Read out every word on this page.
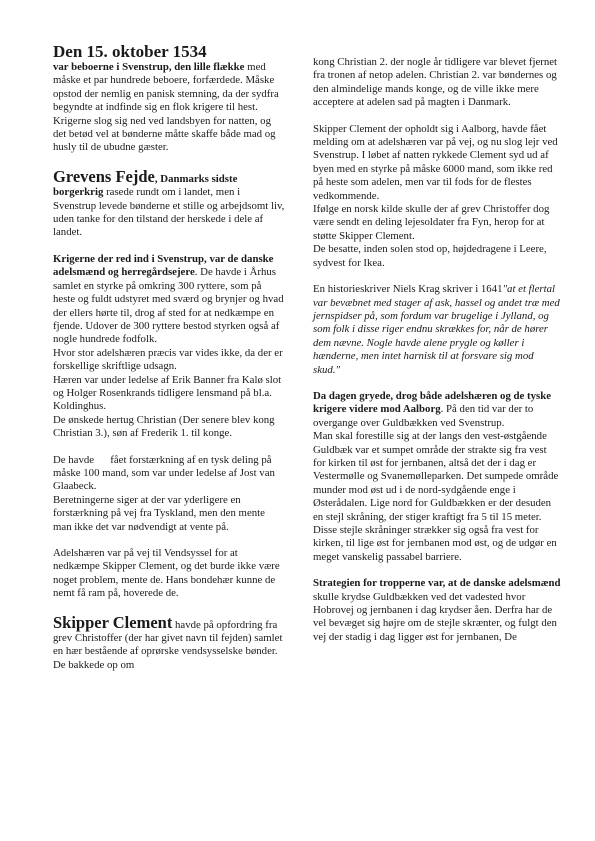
Den 15. oktober 1534
var beboerne i Svenstrup, den lille flække med måske et par hundrede beboere, forfærdede. Måske opstod der nemlig en panisk stemning, da der sydfra begyndte at indfinde sig en flok krigere til hest. Krigerne slog sig ned ved landsbyen for natten, og det betød vel at bønderne måtte skaffe både mad og husly til de ubudne gæster.

Grevens Fejde, Danmarks sidste borgerkrig rasede rundt om i landet, men i Svenstrup levede bønderne et stille og arbejdsomt liv, uden tanke for den tilstand der herskede i dele af landet.

Krigerne der red ind i Svenstrup, var de danske adelsmænd og herregårdsejere. De havde i Århus samlet en styrke på omkring 300 ryttere, som på heste og fuldt udstyret med sværd og brynjer og hvad der ellers hørte til, drog af sted for at nedkæmpe en fjende. Udover de 300 ryttere bestod styrken også af nogle hundrede fodfolk.

Hvor stor adelshæren præcis var vides ikke, da der er forskellige skriftlige udsagn.

Hæren var under ledelse af Erik Banner fra Kalø slot og Holger Rosenkrands tidligere lensmand på bl.a. Koldinghus.

De ønskede hertug Christian (Der senere blev kong Christian 3.), søn af Frederik 1. til konge.

De havde      fået forstærkning af en tysk deling på måske 100 mand, som var under ledelse af Jost van Glaabeck.

Beretningerne siger at der var yderligere en forstærkning på vej fra Tyskland, men den mente man ikke det var nødvendigt at vente på.

Adelshæren var på vej til Vendsyssel for at nedkæmpe Skipper Clement, og det burde ikke være noget problem, mente de. Hans bondehær kunne de nemt få ram på, hoverede de.

Skipper Clement havde på opfordring fra grev Christoffer (der har givet navn til fejden) samlet en hær bestående af oprørske vendsysselske bønder. De bakkede op om

kong Christian 2. der nogle år tidligere var blevet fjernet fra tronen af netop adelen. Christian 2. var bøndernes og den almindelige mands konge, og de ville ikke mere acceptere at adelen sad på magten i Danmark.

Skipper Clement der opholdt sig i Aalborg, havde fået melding om at adelshæren var på vej, og nu slog lejr ved Svenstrup. I løbet af natten rykkede Clement syd ud af byen med en styrke på måske 6000 mand, som ikke red på heste som adelen, men var til fods for de flestes vedkommende.

Ifølge en norsk kilde skulle der af grev Christoffer dog være sendt en deling lejesoldater fra Fyn, herop for at støtte Skipper Clement.

De besatte, inden solen stod op, højdedragene i Leere, sydvest for Ikea.

En historieskriver Niels Krag skriver i 1641"at et flertal var bevæbnet med stager af ask, hassel og andet træ med jernspidser på, som fordum var brugelige i Jylland, og som folk i disse riger endnu skrækkes for, når de hører dem nævne. Nogle havde alene prygle og køller i hænderne, men intet harnisk til at forsvare sig mod skud."

Da dagen gryede, drog både adelshæren og de tyske krigere videre mod Aalborg. På den tid var der to overgange over Guldbækken ved Svenstrup.

Man skal forestille sig at der langs den vest-østgående Guldbæk var et sumpet område der strakte sig fra vest for kirken til øst for jernbanen, altså det der i dag er Vestermølle og Svanemølleparken. Det sumpede område munder mod øst ud i de nord-sydgående enge i Østerådalen. Lige nord for Guldbækken er der desuden en stejl skråning, der stiger kraftigt fra 5 til 15 meter. Disse stejle skråninger strækker sig også fra vest for kirken, til lige øst for jernbanen mod øst, og de udgør en meget vanskelig passabel barriere.

Strategien for tropperne var, at de danske adelsmænd skulle krydse Guldbækken ved det vadested hvor Hobrovej og jernbanen i dag krydser åen. Derfra har de vel bevæget sig højre om de stejle skrænter, og fulgt den vej der stadig i dag ligger øst for jernbanen, De
